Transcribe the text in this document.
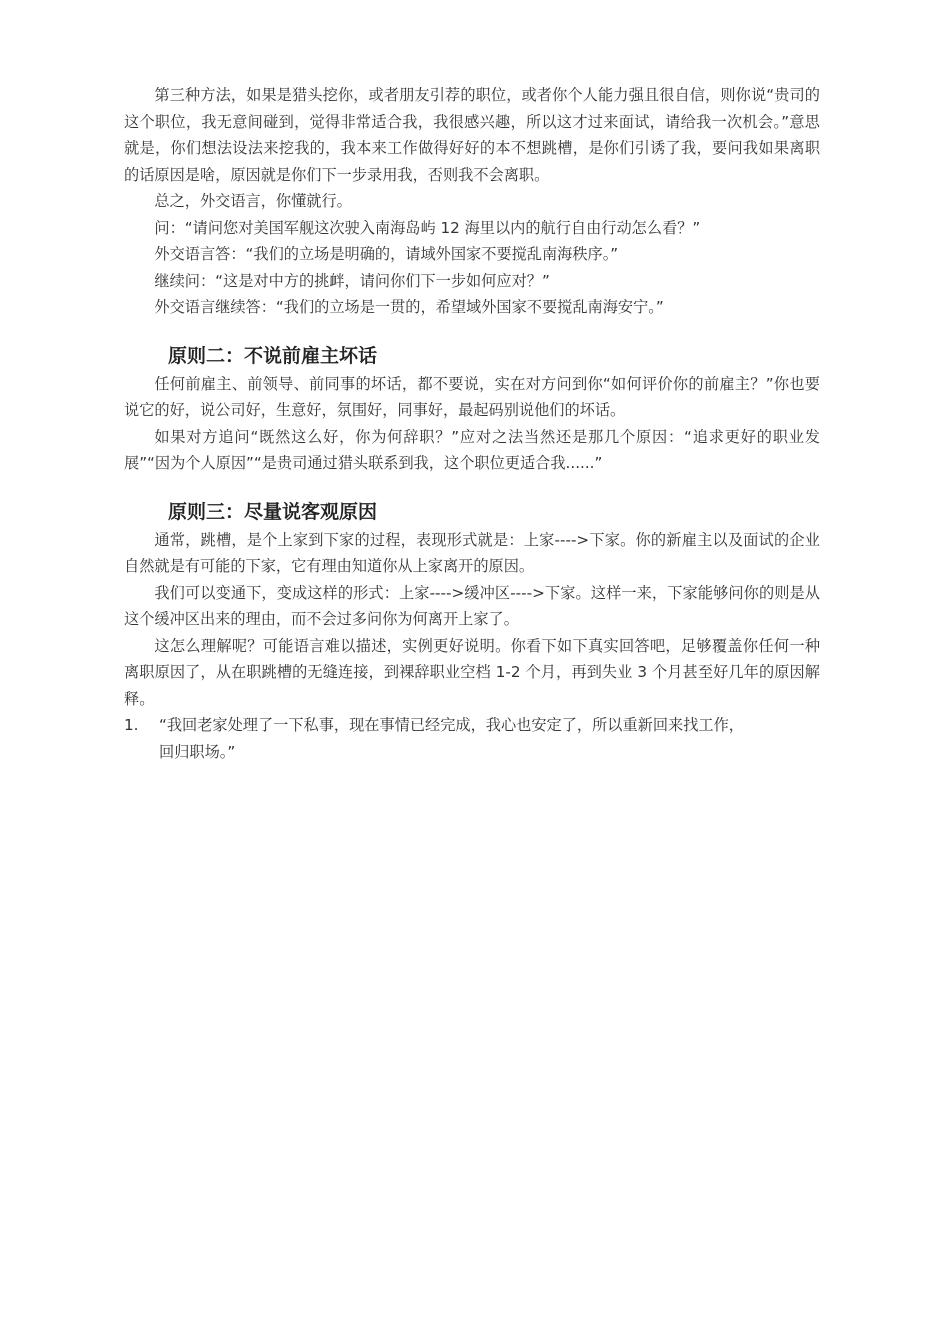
第三种方法，如果是猎头挖你，或者朋友引荐的职位，或者你个人能力强且很自信，则你说“贵司的这个职位，我无意间碰到，觉得非常适合我，我很感兴趣，所以这才过来面试，请给我一次机会。”意思就是，你们想法设法来挖我的，我本来工作做得好好的本不想跳槽，是你们引诱了我，要问我如果离职的话原因是啥，原因就是你们下一步录用我，否则我不会离职。

总之，外交语言，你懂就行。

问：“请问您对美国军舰这次驶入南海岛屿 12 海里以内的航行自由行动怎么看？”

外交语言答：“我们的立场是明确的，请域外国家不要搅乱南海秩序。”

继续问：“这是对中方的挑衅，请问你们下一步如何应对？”

外交语言继续答：“我们的立场是一贯的，希望域外国家不要搅乱南海安宁。”

原则二：不说前雇主坏话

任何前雇主、前领导、前同事的坏话，都不要说，实在对方问到你“如何评价你的前雇主？”你也要说它的好，说公司好，生意好，氛围好，同事好，最起码别说他们的坏话。

如果对方追问“既然这么好，你为何辞职？”应对之法当然还是那几个原因：“追求更好的职业发展”“因为个人原因”“是贵司通过猎头联系到我，这个职位更适合我......”

原则三：尽量说客观原因

通常，跳槽，是个上家到下家的过程，表现形式就是：上家---->下家。你的新雇主以及面试的企业自然就是有可能的下家，它有理由知道你从上家离开的原因。

我们可以变通下，变成这样的形式：上家---->缓冲区---->下家。这样一来，下家能够问你的则是从这个缓冲区出来的理由，而不会过多问你为何离开上家了。

这怎么理解呢？可能语言难以描述，实例更好说明。你看下如下真实回答吧，足够覆盖你任何一种离职原因了，从在职跳槽的无缝连接，到裸辞职业空档 1-2 个月，再到失业 3 个月甚至好几年的原因解释。

1.	“我回老家处理了一下私事，现在事情已经完成，我心也安定了，所以重新回来找工作，
回归职场。”
